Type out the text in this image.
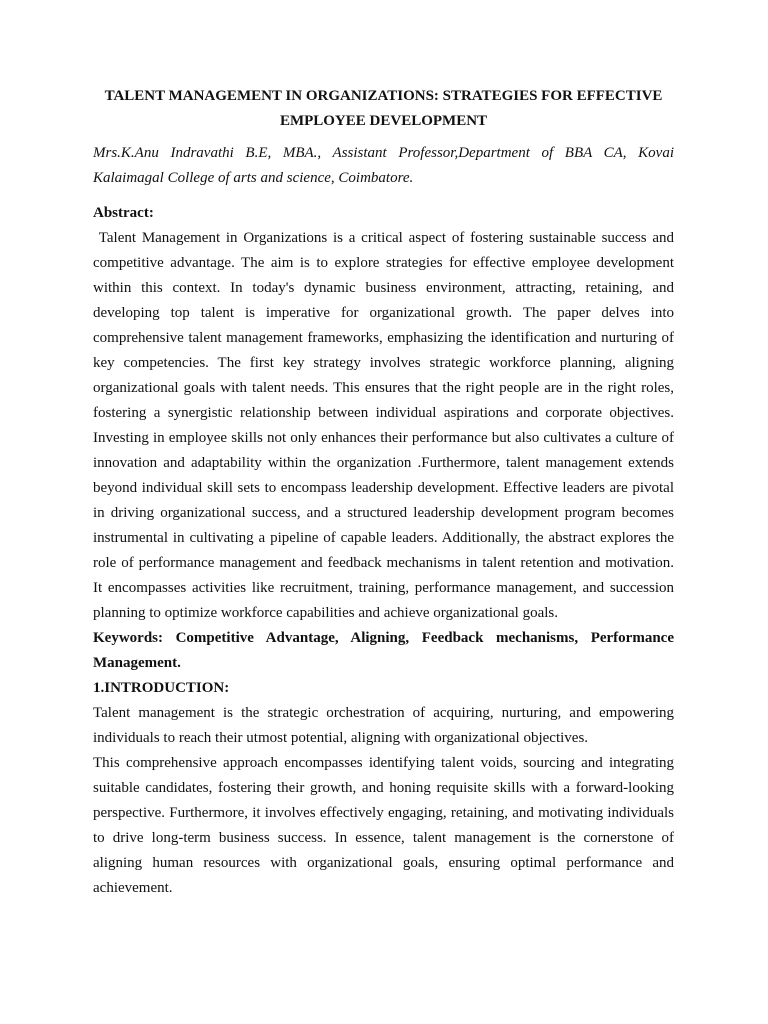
TALENT MANAGEMENT IN ORGANIZATIONS: STRATEGIES FOR EFFECTIVE EMPLOYEE DEVELOPMENT

Mrs.K.Anu Indravathi B.E, MBA., Assistant Professor,Department of BBA CA, Kovai Kalaimagal College of arts and science, Coimbatore.

Abstract:

Talent Management in Organizations is a critical aspect of fostering sustainable success and competitive advantage. The aim is to explore strategies for effective employee development within this context. In today's dynamic business environment, attracting, retaining, and developing top talent is imperative for organizational growth. The paper delves into comprehensive talent management frameworks, emphasizing the identification and nurturing of key competencies. The first key strategy involves strategic workforce planning, aligning organizational goals with talent needs. This ensures that the right people are in the right roles, fostering a synergistic relationship between individual aspirations and corporate objectives. Investing in employee skills not only enhances their performance but also cultivates a culture of innovation and adaptability within the organization .Furthermore, talent management extends beyond individual skill sets to encompass leadership development. Effective leaders are pivotal in driving organizational success, and a structured leadership development program becomes instrumental in cultivating a pipeline of capable leaders. Additionally, the abstract explores the role of performance management and feedback mechanisms in talent retention and motivation. It encompasses activities like recruitment, training, performance management, and succession planning to optimize workforce capabilities and achieve organizational goals.

Keywords: Competitive Advantage, Aligning, Feedback mechanisms, Performance Management.

1.INTRODUCTION:

Talent management is the strategic orchestration of acquiring, nurturing, and empowering individuals to reach their utmost potential, aligning with organizational objectives.

This comprehensive approach encompasses identifying talent voids, sourcing and integrating suitable candidates, fostering their growth, and honing requisite skills with a forward-looking perspective. Furthermore, it involves effectively engaging, retaining, and motivating individuals to drive long-term business success. In essence, talent management is the cornerstone of aligning human resources with organizational goals, ensuring optimal performance and achievement.
